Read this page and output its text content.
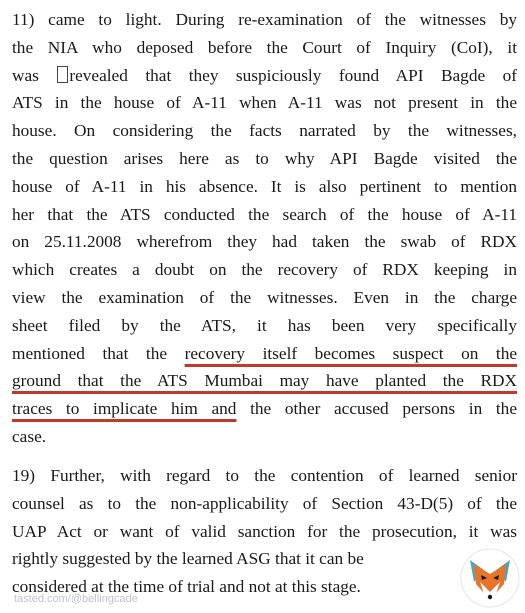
11) came to light. During re-examination of the witnesses by
the NIA who deposed before the Court of Inquiry (CoI), it
was revealed that they suspiciously found API Bagde of
ATS in the house of A-11 when A-11 was not present in the
house. On considering the facts narrated by the witnesses,
the question arises here as to why API Bagde visited the
house of A-11 in his absence. It is also pertinent to mention
her that the ATS conducted the search of the house of A-11
on 25.11.2008 wherefrom they had taken the swab of RDX
which creates a doubt on the recovery of RDX keeping in
view the examination of the witnesses. Even in the charge
sheet filed by the ATS, it has been very specifically
mentioned that the recovery itself becomes suspect on the
ground that the ATS Mumbai may have planted the RDX
traces to implicate him and the other accused persons in the
case.
19) Further, with regard to the contention of learned senior
counsel as to the non-applicability of Section 43-D(5) of the
UAP Act or want of valid sanction for the prosecution, it was
rightly suggested by the learned ASG that it can be
considered at the time of trial and not at this stage.
tasted.com/@bellingcade
